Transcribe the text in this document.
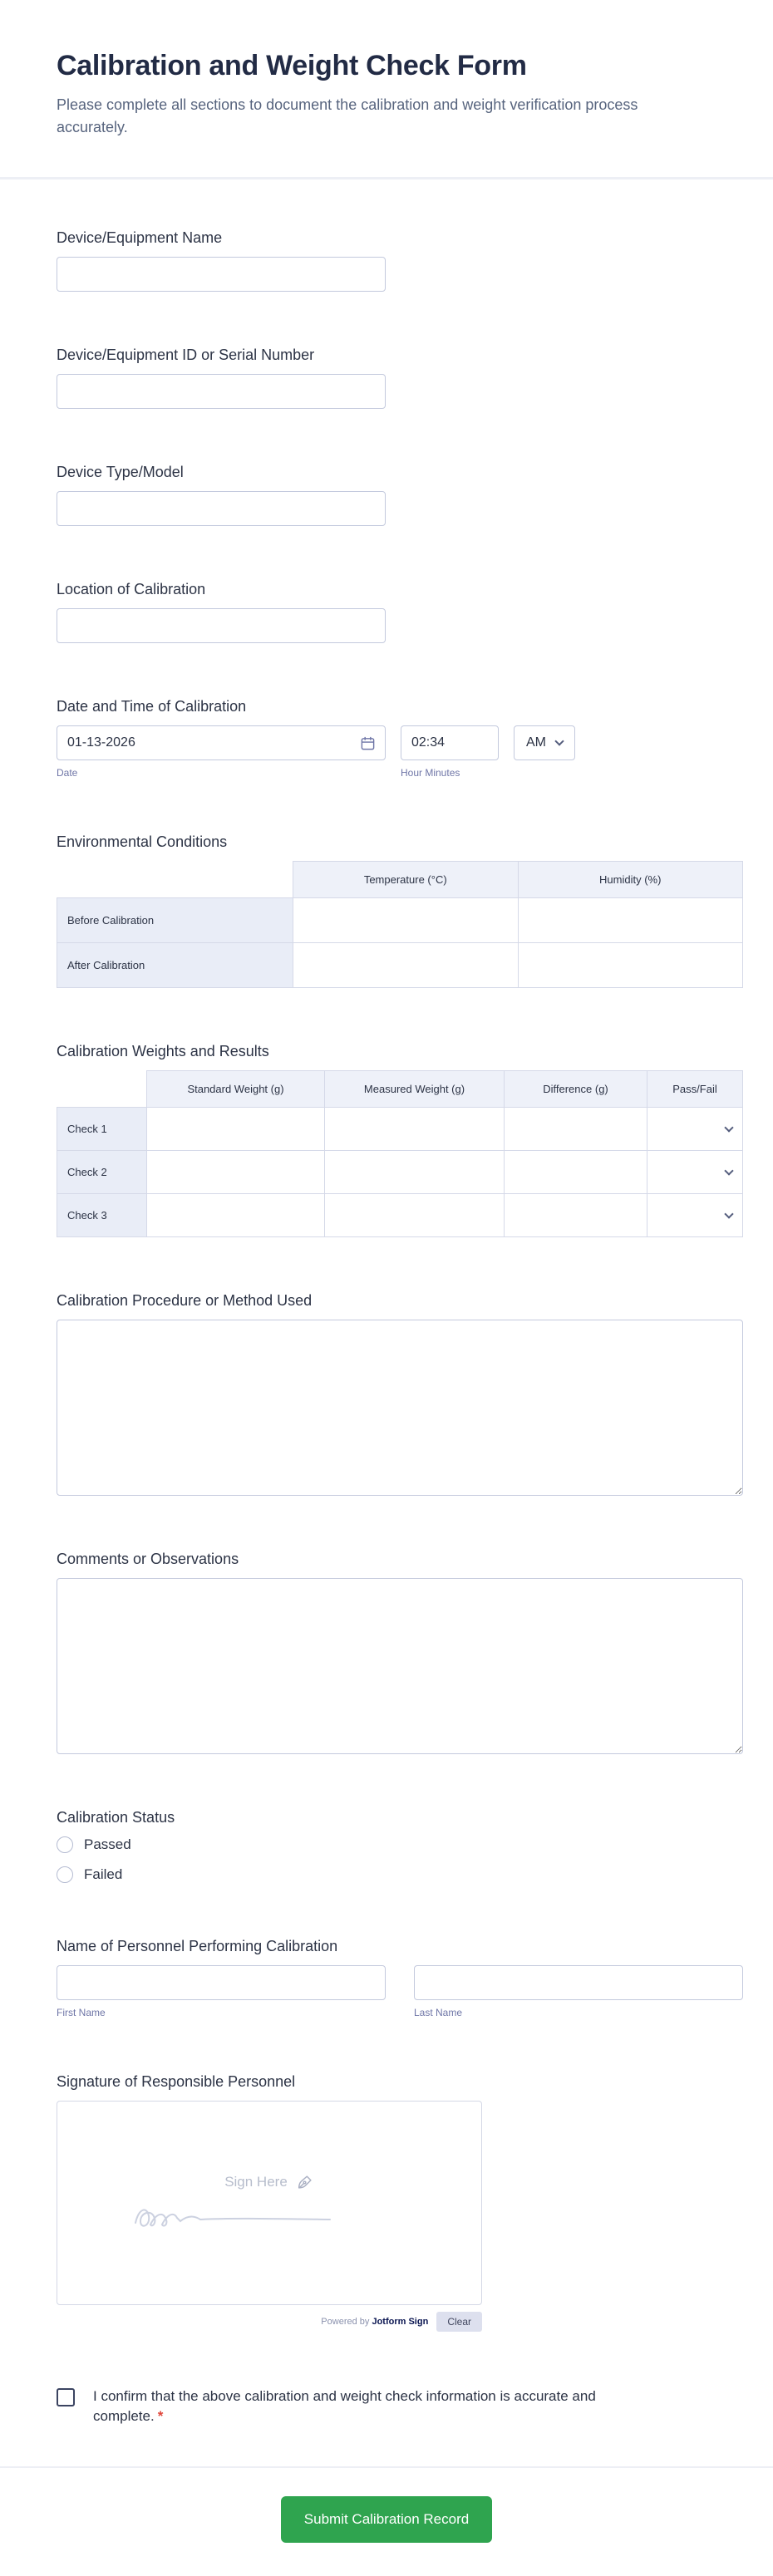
Calibration and Weight Check Form

Please complete all sections to document the calibration and weight verification process accurately.

Device/Equipment Name
Device/Equipment ID or Serial Number
Device Type/Model
Location of Calibration
Date and Time of Calibration
01-13-2026
Date
02:34	Hour Minutes
AM
Environmental Conditions
	Temperature (°C)	Humidity (%)
Before Calibration		
After Calibration		
Calibration Weights and Results
	Standard Weight (g)	Measured Weight (g)	Difference (g)	Pass/Fail
Check 1				

Check 2				

Check 3				
Calibration Procedure or Method Used
Comments or Observations
Calibration Status
Passed
Failed
Name of Personnel Performing Calibration
First Name	Last Name
Signature of Responsible Personnel
Sign Here
Powered by Jotform Sign	Clear
I confirm that the above calibration and weight check information is accurate and complete. *
Submit Calibration Record
